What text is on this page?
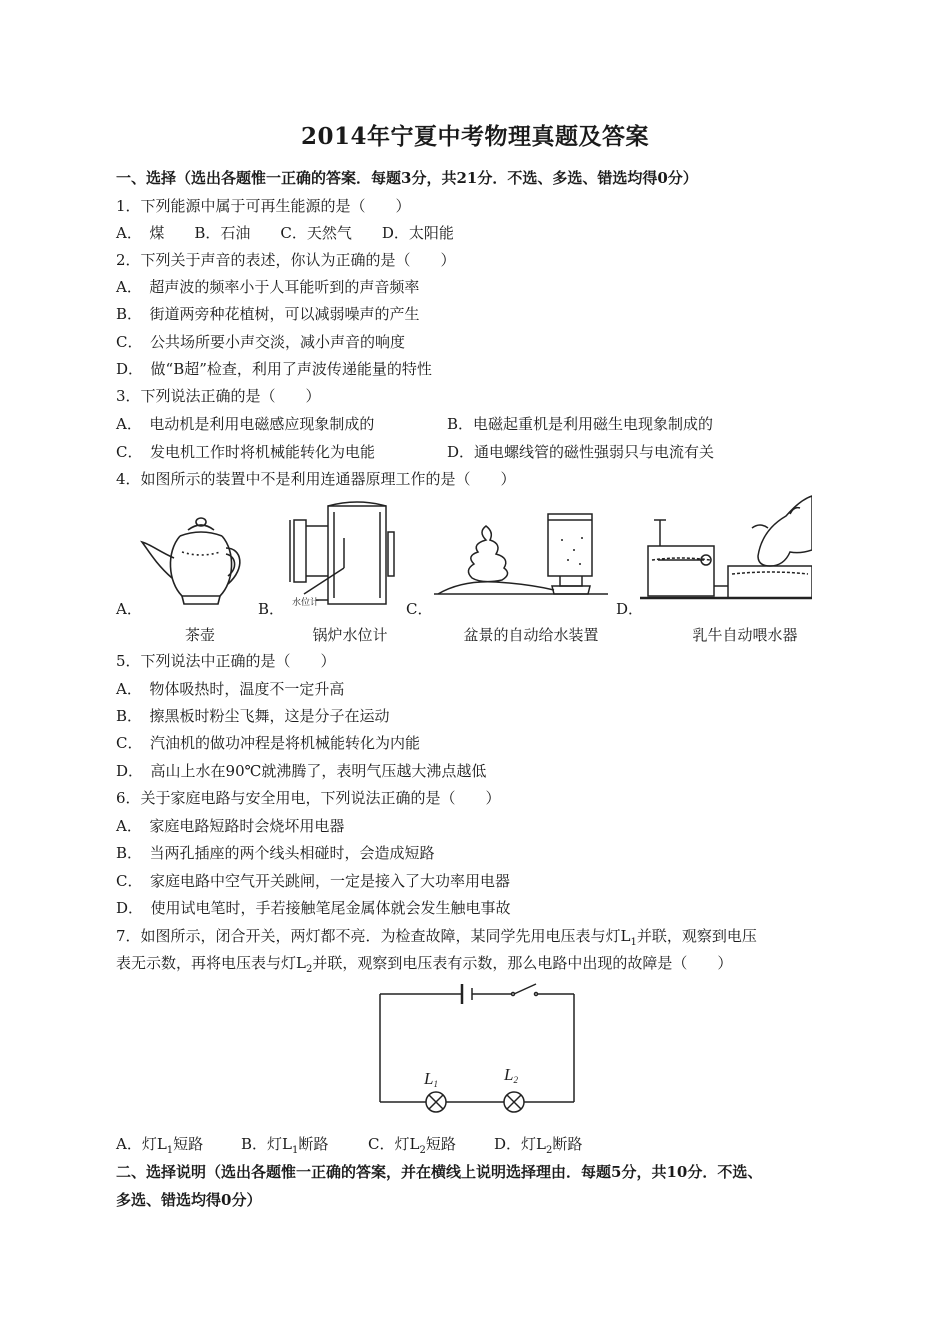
2014年宁夏中考物理真题及答案
一、选择（选出各题惟一正确的答案．每题3分，共21分．不选、多选、错选均得0分）
1．下列能源中属于可再生能源的是（　　）
A．　煤　　B．石油　　C．天然气　　D．太阳能
2．下列关于声音的表述，你认为正确的是（　　）
A．　超声波的频率小于人耳能听到的声音频率
B．　街道两旁种花植树，可以减弱噪声的产生
C．　公共场所要小声交淡，减小声音的响度
D．　做“B超”检查，利用了声波传递能量的特性
3．下列说法正确的是（　　）
A．　电动机是利用电磁感应现象制成的	B．电磁起重机是利用磁生电现象制成的
C．　发电机工作时将机械能转化为电能	D．通电螺线管的磁性强弱只与电流有关
4．如图所示的装置中不是利用连通器原理工作的是（　　）
水位计
A．	B．	C．	D．
茶壶	锅炉水位计	盆景的自动给水装置	乳牛自动喂水器
5．下列说法中正确的是（　　）
A．　物体吸热时，温度不一定升高
B．　擦黑板时粉尘飞舞，这是分子在运动
C．　汽油机的做功冲程是将机械能转化为内能
D．　高山上水在90℃就沸腾了，表明气压越大沸点越低
6．关于家庭电路与安全用电，下列说法正确的是（　　）
A．　家庭电路短路时会烧坏用电器
B．　当两孔插座的两个线头相碰时，会造成短路
C．　家庭电路中空气开关跳闸，一定是接入了大功率用电器
D．　使用试电笔时，手若接触笔尾金属体就会发生触电事故
7．如图所示，闭合开关，两灯都不亮．为检查故障，某同学先用电压表与灯$L_1$并联，观察到电压
表无示数，再将电压表与灯$L_2$并联，观察到电压表有示数，那么电路中出现的故障是（　　）
L1	L2
A．灯$L_1$短路	B．灯$L_1$断路	C．灯$L_2$短路	D．灯$L_2$断路
二、选择说明（选出各题惟一正确的答案，并在横线上说明选择理由．每题5分，共10分．不选、
多选、错选均得0分）
